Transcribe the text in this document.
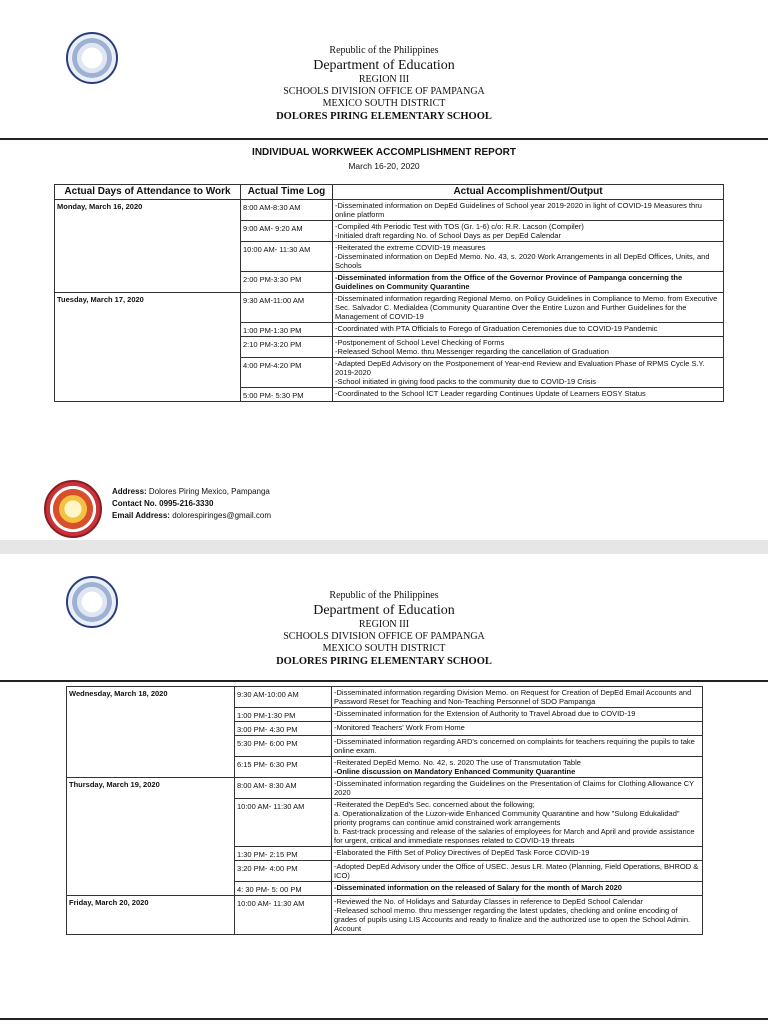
Republic of the Philippines
Department of Education
REGION III
SCHOOLS DIVISION OFFICE OF PAMPANGA
MEXICO SOUTH DISTRICT
DOLORES PIRING ELEMENTARY SCHOOL
INDIVIDUAL WORKWEEK ACCOMPLISHMENT REPORT
March 16-20, 2020
Actual Days of Attendance to Work	Actual Time Log	Actual Accomplishment/Output
Monday, March 16, 2020	8:00 AM-8:30 AM	-Disseminated information on DepEd Guidelines of School year 2019-2020 in light of COVID-19 Measures thru online platform

	9:00 AM- 9:20 AM	-Compiled 4th Periodic Test with TOS (Gr. 1-6) c/o: R.R. Lacson (Compiler)
-Initialed draft regarding No. of School Days as per DepEd Calendar

	10:00 AM- 11:30 AM	-Reiterated the extreme COVID-19 measures
-Disseminated information on DepEd Memo. No. 43, s. 2020 Work Arrangements in all DepEd Offices, Units, and Schools

	2:00 PM-3:30 PM	-Disseminated information from the Office of the Governor Province of Pampanga concerning the Guidelines on Community Quarantine

Tuesday, March 17, 2020	9:30 AM-11:00 AM	-Disseminated information regarding Regional Memo. on Policy Guidelines in Compliance to Memo. from Executive Sec. Salvador C. Medialdea (Community Quarantine Over the Entire Luzon and Further Guidelines for the Management of COVID-19

	1:00 PM-1:30 PM	-Coordinated with PTA Officials to Forego of Graduation Ceremonies due to COVID-19 Pandemic

	2:10 PM-3:20 PM	-Postponement of School Level Checking of Forms
-Released School Memo. thru Messenger regarding the cancellation of Graduation

	4:00 PM-4:20 PM	-Adapted DepEd Advisory on the Postponement of Year-end Review and Evaluation Phase of RPMS Cycle S.Y. 2019-2020
-School initiated in giving food packs to the community due to COVID-19 Crisis

	5:00 PM- 5:30 PM	-Coordinated to the School ICT Leader regarding Continues Update of Learners EOSY Status
Address: Dolores Piring Mexico, Pampanga
Contact No. 0995-216-3330
Email Address: dolorespiringes@gmail.com
Republic of the Philippines
Department of Education
REGION III
SCHOOLS DIVISION OFFICE OF PAMPANGA
MEXICO SOUTH DISTRICT
DOLORES PIRING ELEMENTARY SCHOOL
Wednesday, March 18, 2020	9:30 AM-10:00 AM	-Disseminated information regarding Division Memo. on Request for Creation of DepEd Email Accounts and Password Reset for Teaching and Non-Teaching Personnel of SDO Pampanga

	1:00 PM-1:30 PM	-Disseminated information for the Extension of Authority to Travel Abroad due to COVID-19

	3:00 PM- 4:30 PM	-Monitored Teachers' Work From Home

	5:30 PM- 6:00 PM	-Disseminated information regarding ARD's concerned on complaints for teachers requiring the pupils to take online exam.

	6:15 PM- 6:30 PM	-Reiterated DepEd Memo. No. 42, s. 2020 The use of Transmutation Table
-Online discussion on Mandatory Enhanced Community Quarantine

Thursday, March 19, 2020	8:00 AM- 8:30 AM	-Disseminated information regarding the Guidelines on the Presentation of Claims for Clothing Allowance CY 2020

	10:00 AM- 11:30 AM	-Reiterated the DepEd's Sec. concerned about the following;
a. Operationalization of the Luzon-wide Enhanced Community Quarantine and how "Sulong Edukalidad" priority programs can continue amid constrained work arrangements
b. Fast-track processing and release of the salaries of employees for March and April and provide assistance for urgent, critical and immediate responses related to COVID-19 threats

	1:30 PM- 2:15 PM	-Elaborated the Fifth Set of Policy Directives of DepEd Task Force COVID-19

	3:20 PM- 4:00 PM	-Adopted DepEd Advisory under the Office of USEC. Jesus LR. Mateo (Planning, Field Operations, BHROD & ICO)

	4: 30 PM- 5: 00 PM	-Disseminated information on the released of Salary for the month of March 2020

Friday, March 20, 2020	10:00 AM- 11:30 AM	-Reviewed the No. of Holidays and Saturday Classes in reference to DepEd School Calendar
-Released school memo. thru messenger regarding the latest updates, checking and online encoding of grades of pupils using LIS Accounts and ready to finalize and the authorized use to open the School Admin. Account
